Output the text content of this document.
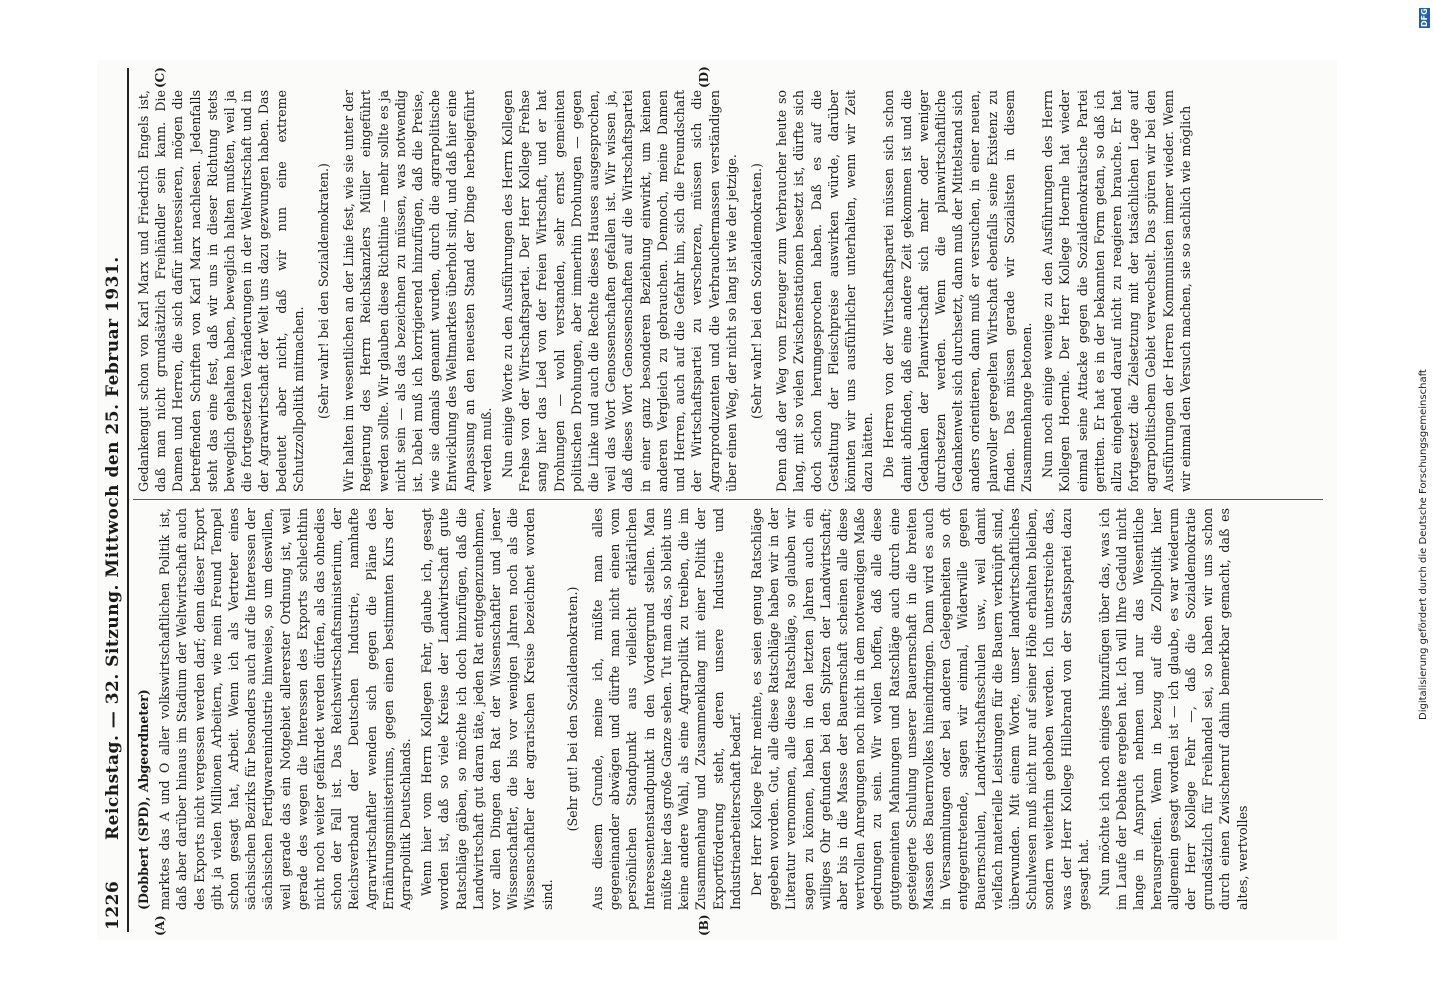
1226
Reichstag. — 32. Sitzung. Mittwoch den 25. Februar 1931.
(A)	(B)
(C)	(D)

(Dobbert (SPD), Abgeordneter) marktes das A und O aller volkswirtschaftlichen Politik ist, daß aber darüber hinaus im Stadium der Weltwirtschaft auch des Exports nicht vergessen werden darf; denn dieser Export gibt ja vielen Millionen Arbeitern, wie mein Freund Tempel schon gesagt hat, Arbeit. Wenn ich als Vertreter eines sächsischen Bezirks für besonders auch auf die Interessen der sächsischen Fertigwarenindustrie hinweise, so um deswillen, weil gerade das ein Notgebiet allererster Ordnung ist, weil gerade des wegen die Interessen des Exports schlechthin nicht noch weiter gefährdet werden dürfen, als das ohnedies schon der Fall ist. Das Reichswirtschaftsministerium, der Reichsverband der Deutschen Industrie, namhafte Agrarwirtschaftler wenden sich gegen die Pläne des Ernährungsministeriums, gegen einen bestimmten Kurs der Agrarpolitik Deutschlands. Wenn hier vom Herrn Kollegen Fehr, glaube ich, gesagt worden ist, daß so viele Kreise der Landwirtschaft gute Ratschläge gäben, so möchte ich doch hinzufügen, daß die Landwirtschaft gut daran täte, jeden Rat entgegenzunehmen, vor allen Dingen den Rat der Wissenschaftler und jener Wissenschaftler, die bis vor wenigen Jahren noch als die Wissenschaftler der agrarischen Kreise bezeichnet worden sind.

(Sehr gut! bei den Sozialdemokraten.) Aus diesem Grunde, meine ich, müßte man alles gegeneinander abwägen und dürfte man nicht einen vom persönlichen Standpunkt aus vielleicht erklärlichen Interessentenstandpunkt in den Vordergrund stellen. Man müßte hier das große Ganze sehen. Tut man das, so bleibt uns keine andere Wahl, als eine Agrarpolitik zu treiben, die im Zusammenhang und Zusammenklang mit einer Politik der Exportförderung steht, deren unsere Industrie und Industriearbeiterschaft bedarf. Der Herr Kollege Fehr meinte, es seien genug Ratschläge gegeben worden. Gut, alle diese Ratschläge haben wir in der Literatur vernommen, alle diese Ratschläge, so glauben wir sagen zu können, haben in den letzten Jahren auch ein williges Ohr gefunden bei den Spitzen der Landwirtschaft; aber bis in die Masse der Bauernschaft scheinen alle diese wertvollen Anregungen noch nicht in dem notwendigen Maße gedrungen zu sein. Wir wollen hoffen, daß alle diese gutgemeinten Mahnungen und Ratschläge auch durch eine gesteigerte Schulung unserer Bauernschaft in die breiten Massen des Bauernvolkes hineindringen. Dann wird es auch in Versammlungen oder bei anderen Gelegenheiten so oft entgegentretende, sagen wir einmal, Widerwille gegen Bauernschulen, Landwirtschaftsschulen usw., weil damit vielfach materielle Leistungen für die Bauern verknüpft sind, überwunden. Mit einem Worte, unser landwirtschaftliches Schulwesen muß nicht nur auf seiner Höhe erhalten bleiben, sondern weiterhin gehoben werden. Ich unterstreiche das, was der Herr Kollege Hillebrand von der Staatspartei dazu gesagt hat. Nun möchte ich noch einiges hinzufügen über das, was ich im Laufe der Debatte ergeben hat. Ich will Ihre Geduld nicht lange in Anspruch nehmen und nur das Wesentliche herausgreifen. Wenn in bezug auf die Zollpolitik hier allgemein gesagt worden ist — ich glaube, es war wiederum der Herr Kollege Fehr —, daß die Sozialdemokratie grundsätzlich für Freihandel sei, so haben wir uns schon durch einen Zwischenruf dahin bemerkbar gemacht, daß es altes, wertvolles

Gedankengut schon von Karl Marx und Friedrich Engels ist, daß man nicht grundsätzlich Freihändler sein kann. Die Damen und Herren, die sich dafür interessieren, mögen die betreffenden Schriften von Karl Marx nachlesen. Jedenfalls steht das eine fest, daß wir uns in dieser Richtung stets beweglich gehalten haben, beweglich halten mußten, weil ja die fortgesetzten Veränderungen in der Weltwirtschaft und in der Agrarwirtschaft der Welt uns dazu gezwungen haben. Das bedeutet aber nicht, daß wir nun eine extreme Schutzzollpolitik mitmachen. (Sehr wahr! bei den Sozialdemokraten.) Wir halten im wesentlichen an der Linie fest, wie sie unter der Regierung des Herrn Reichskanzlers Müller eingeführt werden sollte. Wir glauben diese Richtlinie — mehr sollte es ja nicht sein — als das bezeichnen zu müssen, was notwendig ist. Dabei muß ich korrigierend hinzufügen, daß die Preise, wie sie damals genannt wurden, durch die agrarpolitische Entwicklung des Weltmarktes überholt sind, und daß hier eine Anpassung an den neuesten Stand der Dinge herbeigeführt werden muß. Nun einige Worte zu den Ausführungen des Herrn Kollegen Frehse von der Wirtschaftspartei. Der Herr Kollege Frehse sang hier das Lied von der freien Wirtschaft, und er hat Drohungen — wohl verstanden, sehr ernst gemeinten politischen Drohungen, aber immerhin Drohungen — gegen die Linke und auch die Rechte dieses Hauses ausgesprochen, weil das Wort Genossenschaften gefallen ist. Wir wissen ja, daß dieses Wort Genossenschaften auf die Wirtschaftspartei in einer ganz besonderen Beziehung einwirkt, um keinen anderen Vergleich zu gebrauchen. Dennoch, meine Damen und Herren, auch auf die Gefahr hin, sich die Freundschaft der Wirtschaftspartei zu verscherzen, müssen sich die Agrarproduzenten und die Verbrauchermassen verständigen über einen Weg, der nicht so lang ist wie der jetzige. (Sehr wahr! bei den Sozialdemokraten.) Denn daß der Weg vom Erzeuger zum Verbraucher heute so lang, mit so vielen Zwischenstationen besetzt ist, dürfte sich doch schon herumgesprochen haben. Daß es auf die Gestaltung der Fleischpreise auswirken würde, darüber könnten wir uns ausführlicher unterhalten, wenn wir Zeit dazu hätten. Die Herren von der Wirtschaftspartei müssen sich schon damit abfinden, daß eine andere Zeit gekommen ist und die Gedanken der Planwirtschaft sich mehr oder weniger durchsetzen werden. Wenn die planwirtschaftliche Gedankenwelt sich durchsetzt, dann muß der Mittelstand sich anders orientieren, dann muß er versuchen, in einer neuen, planvoller geregelten Wirtschaft ebenfalls seine Existenz zu finden. Das müssen gerade wir Sozialisten in diesem Zusammenhange betonen. Nun noch einige wenige zu den Ausführungen des Herrn Kollegen Hoernle. Der Herr Kollege Hoernle hat wieder einmal seine Attacke gegen die Sozialdemokratische Partei geritten. Er hat es in der bekannten Form getan, so daß ich allzu eingehend darauf nicht zu reagieren brauche. Er hat fortgesetzt die Zielsetzung mit der tatsächlichen Lage auf agrarpolitischem Gebiet verwechselt. Das spüren wir bei den Ausführungen der Herren Kommunisten immer wieder. Wenn wir einmal den Versuch machen, sie so sachlich wie möglich

DFG
Digitalisierung gefördert durch die Deutsche Forschungsgemeinschaft
